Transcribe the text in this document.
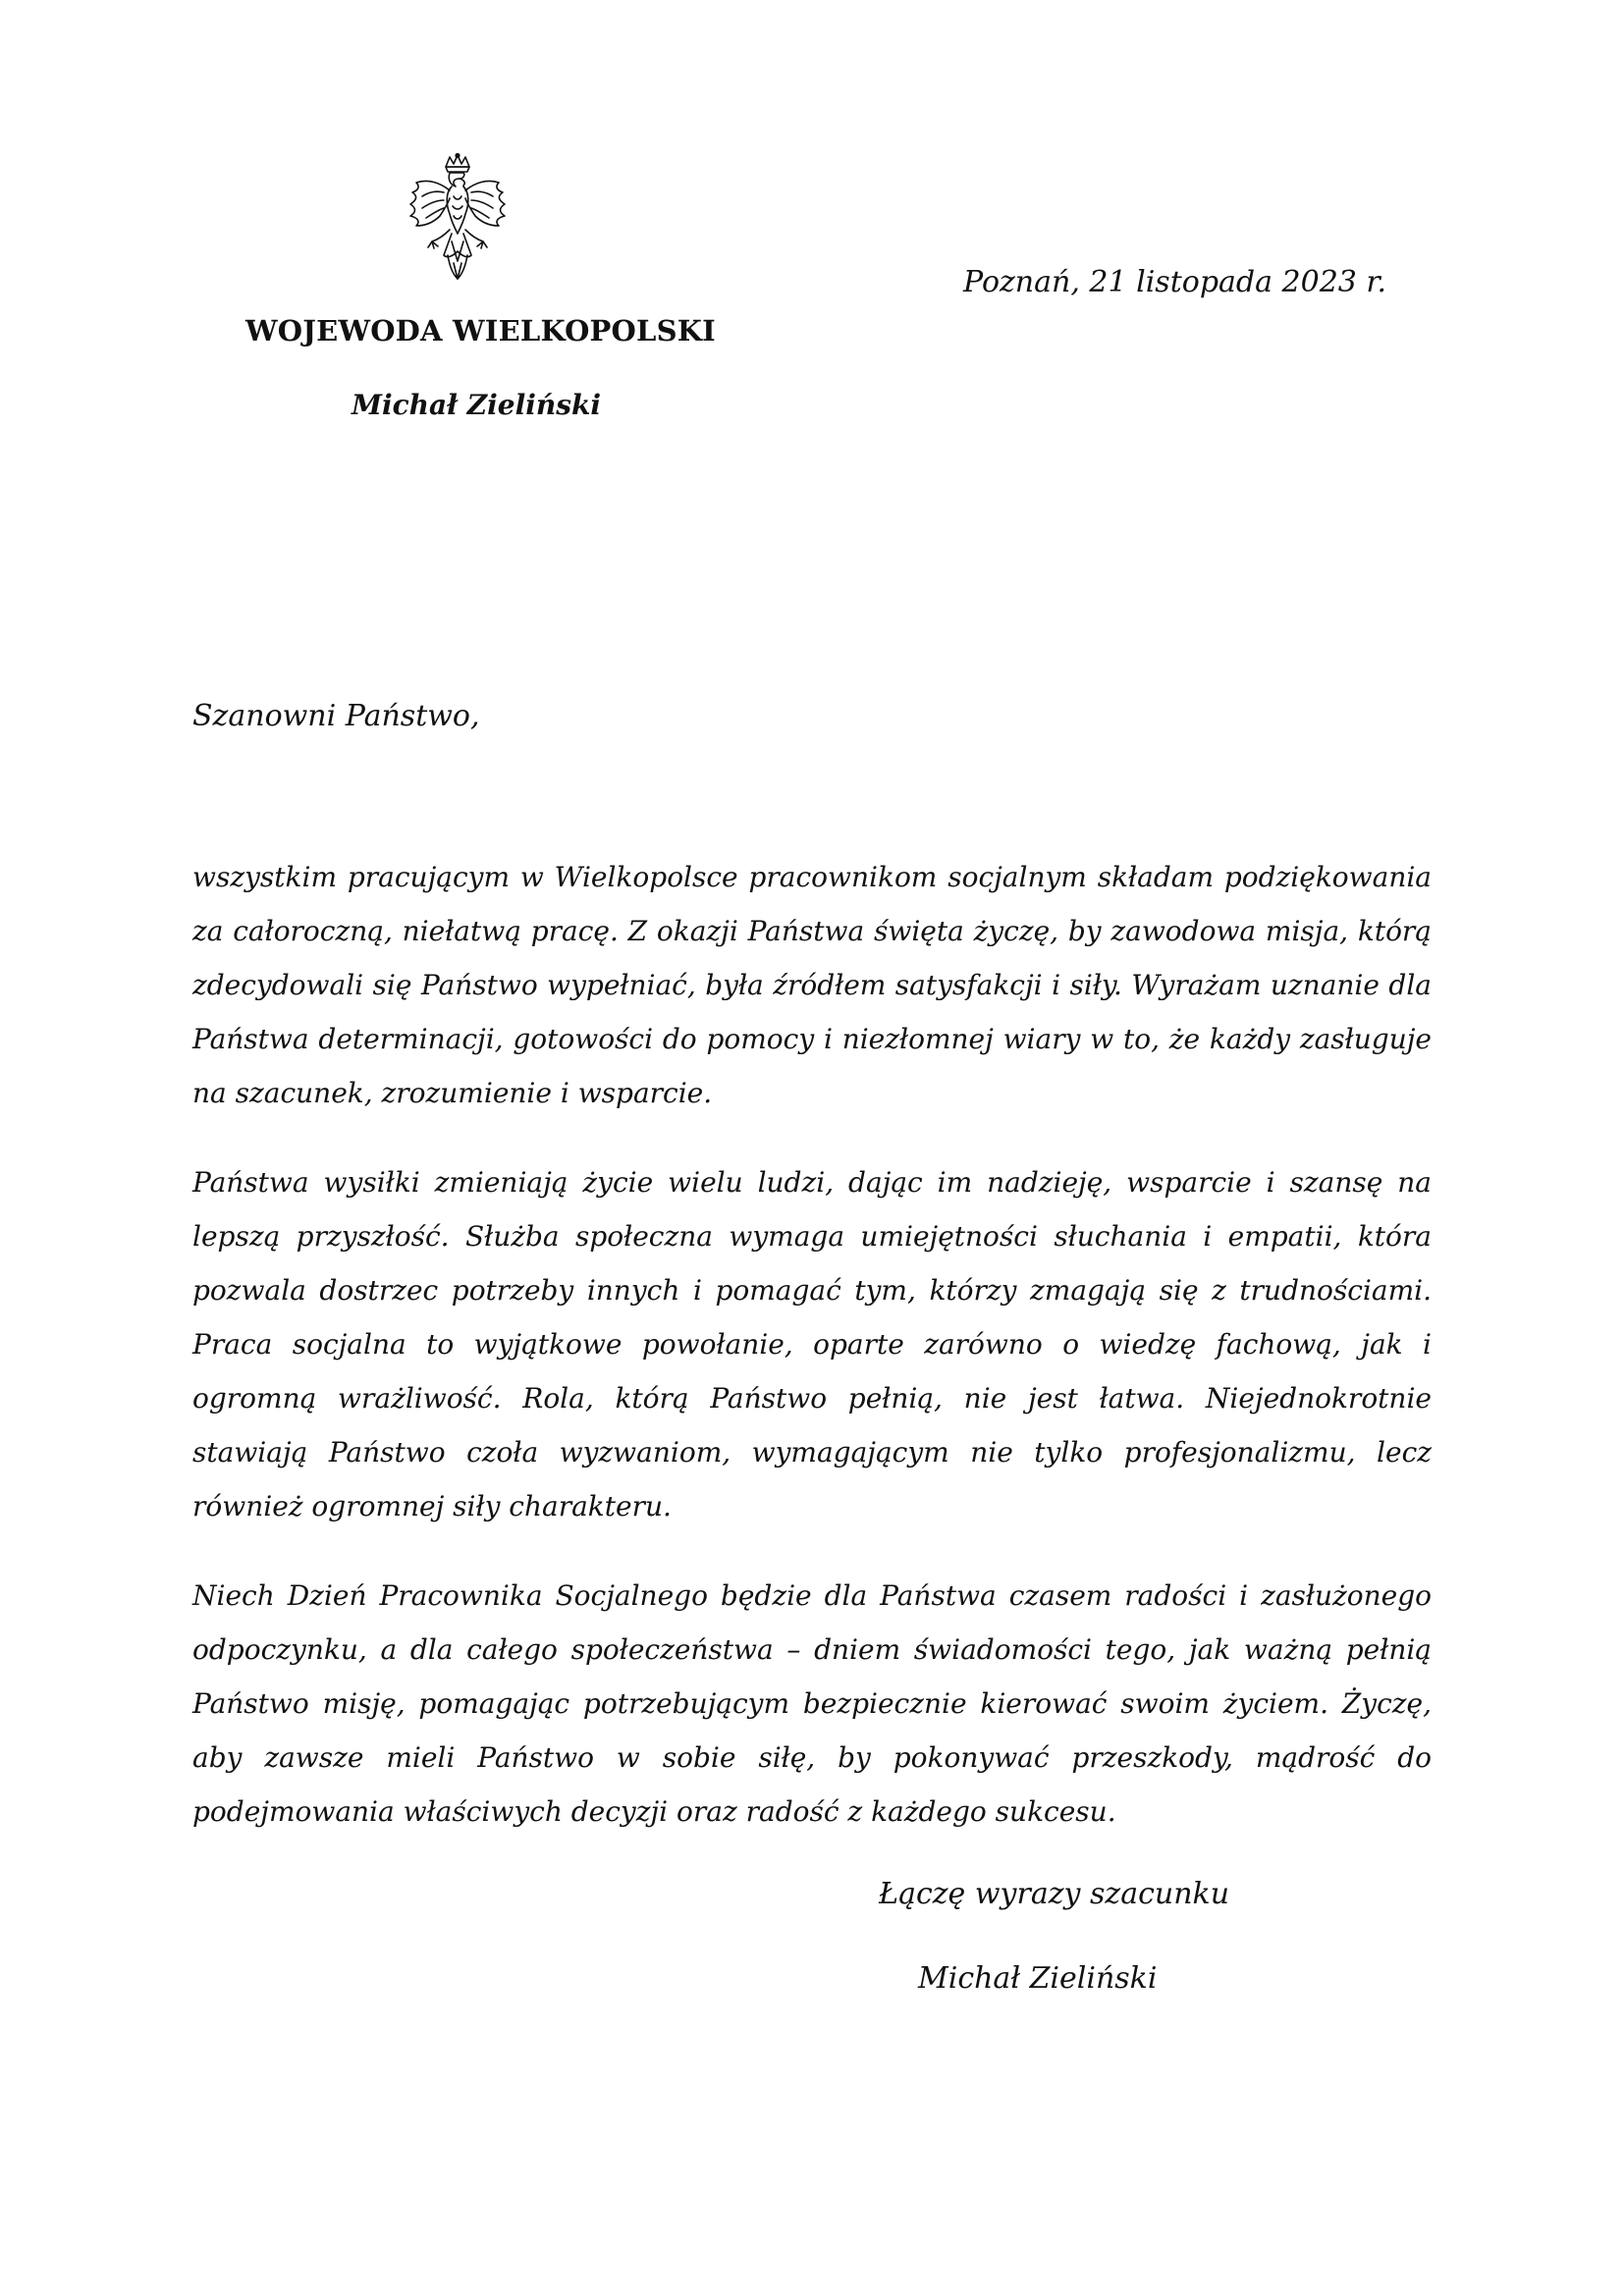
WOJEWODA WIELKOPOLSKI
Michał Zieliński
Poznań, 21 listopada 2023 r.
Szanowni Państwo,

wszystkim pracującym w Wielkopolsce pracownikom socjalnym składam podziękowania za całoroczną, niełatwą pracę. Z okazji Państwa święta życzę, by zawodowa misja, którą zdecydowali się Państwo wypełniać, była źródłem satysfakcji i siły. Wyrażam uznanie dla Państwa determinacji, gotowości do pomocy i niezłomnej wiary w to, że każdy zasługuje na szacunek, zrozumienie i wsparcie.

Państwa wysiłki zmieniają życie wielu ludzi, dając im nadzieję, wsparcie i szansę na lepszą przyszłość. Służba społeczna wymaga umiejętności słuchania i empatii, która pozwala dostrzec potrzeby innych i pomagać tym, którzy zmagają się z trudnościami. Praca socjalna to wyjątkowe powołanie, oparte zarówno o wiedzę fachową, jak i ogromną wrażliwość. Rola, którą Państwo pełnią, nie jest łatwa. Niejednokrotnie stawiają Państwo czoła wyzwaniom, wymagającym nie tylko profesjonalizmu, lecz również ogromnej siły charakteru.

Niech Dzień Pracownika Socjalnego będzie dla Państwa czasem radości i zasłużonego odpoczynku, a dla całego społeczeństwa – dniem świadomości tego, jak ważną pełnią Państwo misję, pomagając potrzebującym bezpiecznie kierować swoim życiem. Życzę, aby zawsze mieli Państwo w sobie siłę, by pokonywać przeszkody, mądrość do podejmowania właściwych decyzji oraz radość z każdego sukcesu.

Łączę wyrazy szacunku
Michał Zieliński
